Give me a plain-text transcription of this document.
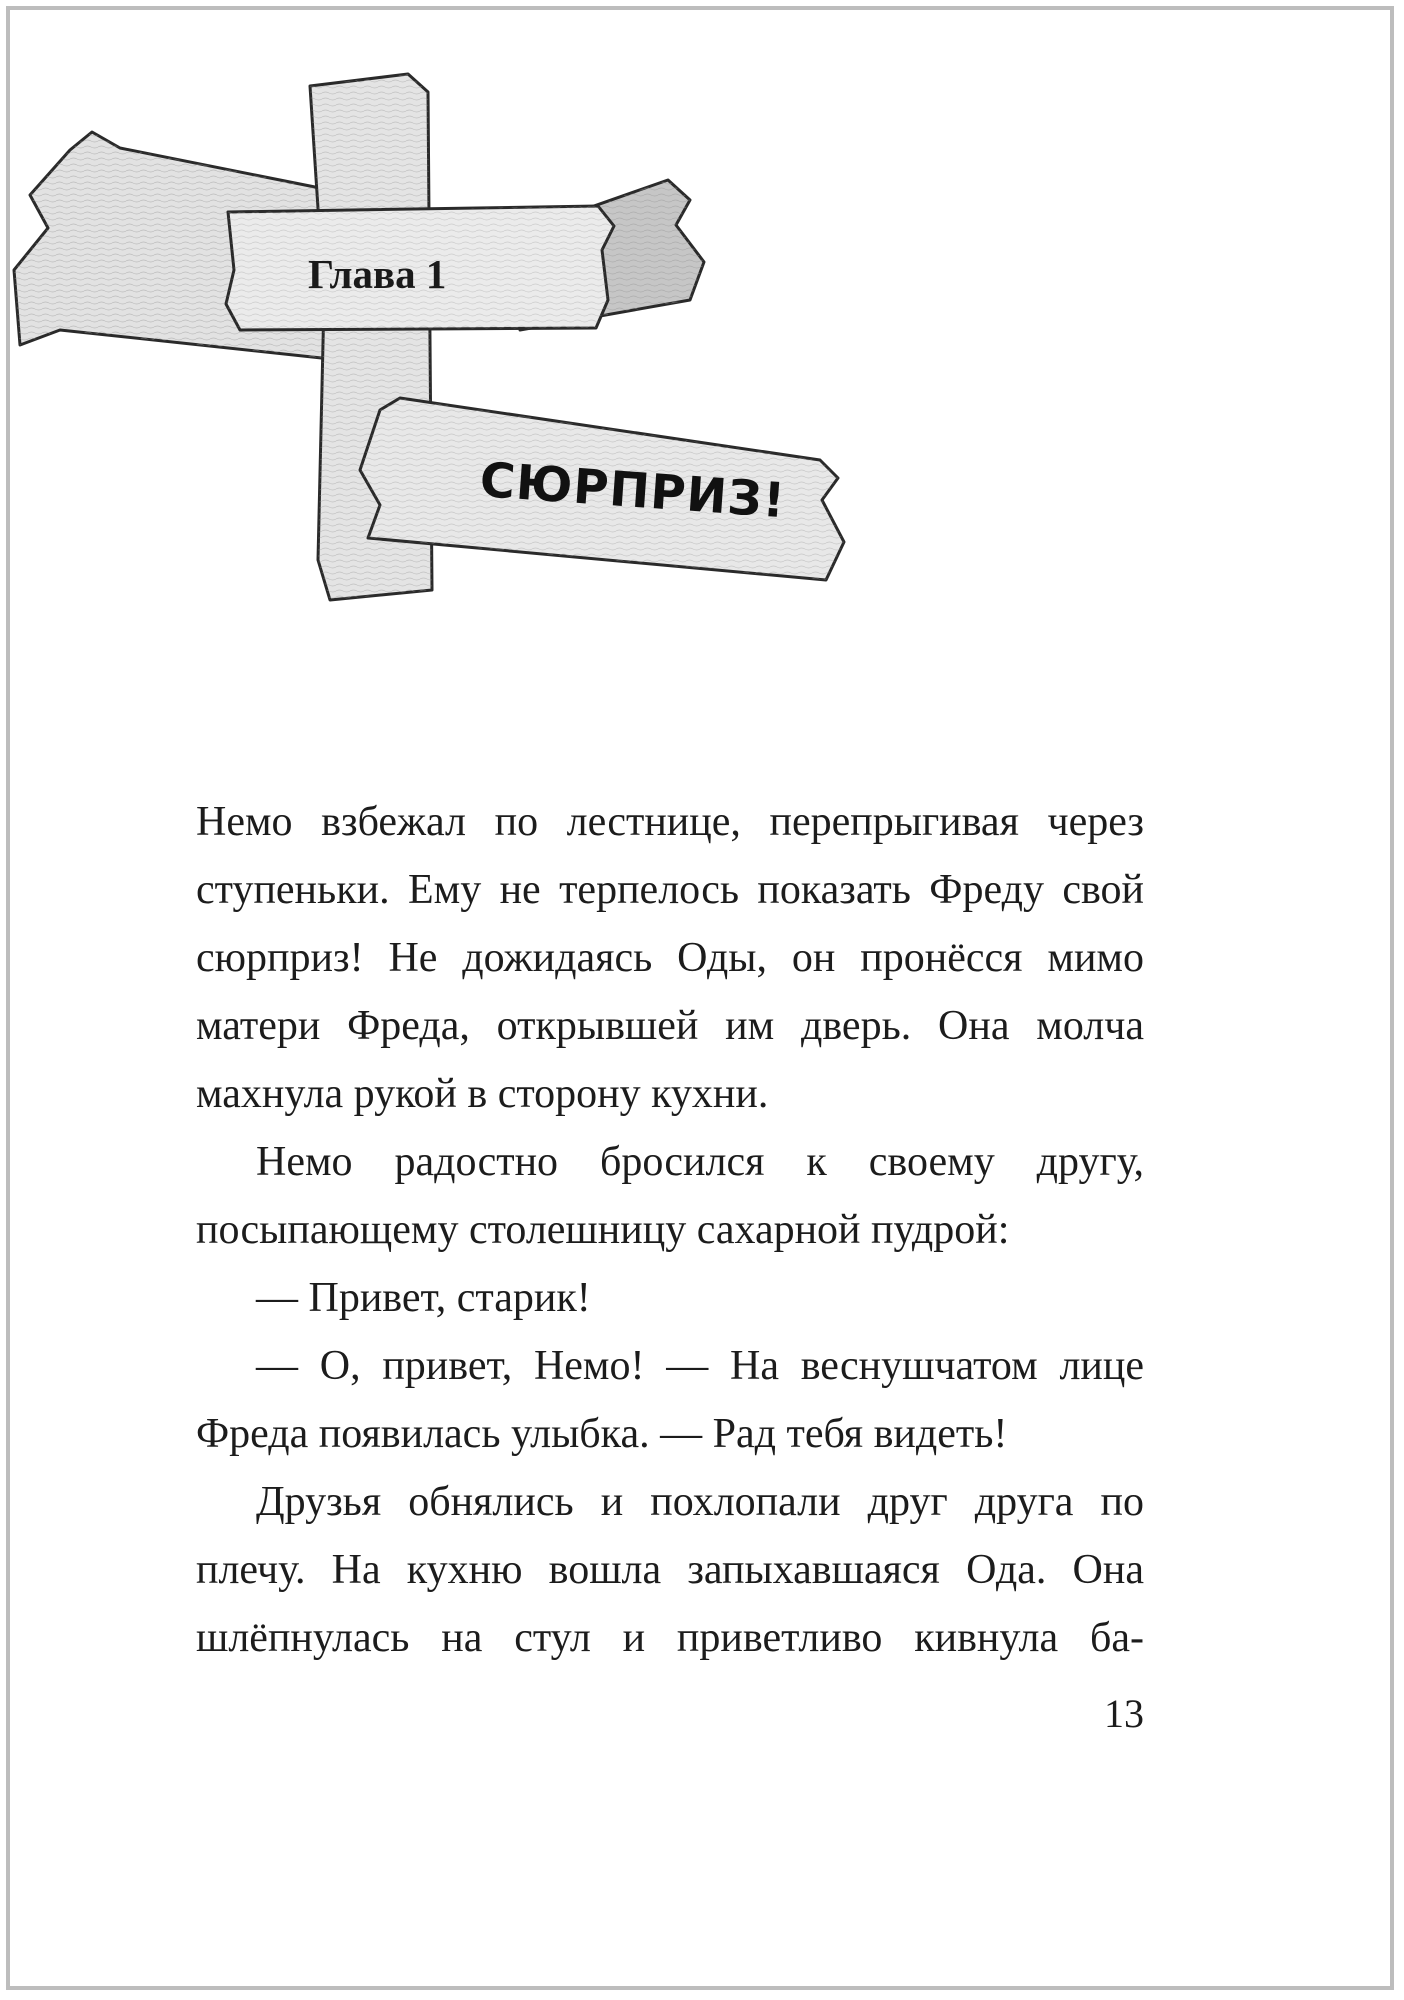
Глава 1
СЮРПРИЗ!

Немо взбежал по лестнице, перепрыгивая через ступеньки. Ему не терпелось показать Фреду свой сюрприз! Не дожидаясь Оды, он пронёсся мимо матери Фреда, открывшей им дверь. Она молча махнула рукой в сторону кухни.

Немо радостно бросился к своему другу, посыпающему столешницу сахарной пудрой:

— Привет, старик!

— О, привет, Немо! — На веснушчатом лице Фреда появилась улыбка. — Рад тебя видеть!

Друзья обнялись и похлопали друг друга по плечу. На кухню вошла запыхавшаяся Ода. Она шлёпнулась на стул и приветливо кивнула ба-

13
